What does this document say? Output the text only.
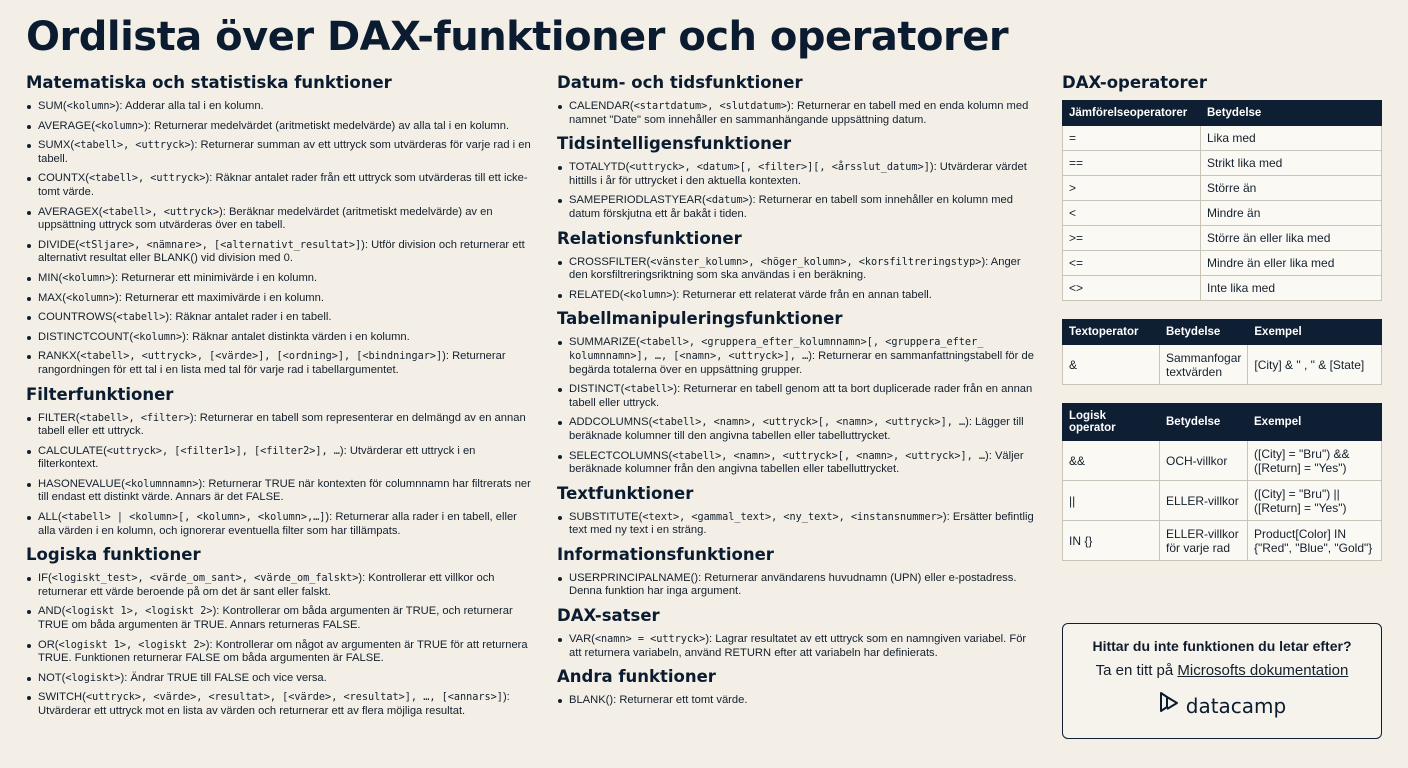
Ordlista över DAX-funktioner och operatorer
Matematiska och statistiska funktioner
SUM(<kolumn>): Adderar alla tal i en kolumn.
AVERAGE(<kolumn>): Returnerar medelvärdet (aritmetiskt medelvärde) av alla tal i en kolumn.
SUMX(<tabell>, <uttryck>): Returnerar summan av ett uttryck som utvärderas för varje rad i en tabell.
COUNTX(<tabell>, <uttryck>): Räknar antalet rader från ett uttryck som utvärderas till ett icke-tomt värde.
AVERAGEX(<tabell>, <uttryck>): Beräknar medelvärdet (aritmetiskt medelvärde) av en uppsättning uttryck som utvärderas över en tabell.
DIVIDE(<tSljare>, <nämnare>, [<alternativt_resultat>]): Utför division och returnerar ett alternativt resultat eller BLANK() vid division med 0.
MIN(<kolumn>): Returnerar ett minimivärde i en kolumn.
MAX(<kolumn>): Returnerar ett maximivärde i en kolumn.
COUNTROWS(<tabell>): Räknar antalet rader i en tabell.
DISTINCTCOUNT(<kolumn>): Räknar antalet distinkta värden i en kolumn.
RANKX(<tabell>, <uttryck>, [<värde>], [<ordning>], [<bindningar>]): Returnerar rangordningen för ett tal i en lista med tal för varje rad i tabellargumentet.
Filterfunktioner
FILTER(<tabell>, <filter>): Returnerar en tabell som representerar en delmängd av en annan tabell eller ett uttryck.
CALCULATE(<uttryck>, [<filter1>], [<filter2>], …): Utvärderar ett uttryck i en filterkontext.
HASONEVALUE(<kolumnnamn>): Returnerar TRUE när kontexten för columnnamn har filtrerats ner till endast ett distinkt värde. Annars är det FALSE.
ALL(<tabell> | <kolumn>[, <kolumn>, <kolumn>,…]): Returnerar alla rader i en tabell, eller alla värden i en kolumn, och ignorerar eventuella filter som har tillämpats.
Logiska funktioner
IF(<logiskt_test>, <värde_om_sant>, <värde_om_falskt>): Kontrollerar ett villkor och returnerar ett värde beroende på om det är sant eller falskt.
AND(<logiskt 1>, <logiskt 2>): Kontrollerar om båda argumenten är TRUE, och returnerar TRUE om båda argumenten är TRUE. Annars returneras FALSE.
OR(<logiskt 1>, <logiskt 2>): Kontrollerar om något av argumenten är TRUE för att returnera TRUE. Funktionen returnerar FALSE om båda argumenten är FALSE.
NOT(<logiskt>): Ändrar TRUE till FALSE och vice versa.
SWITCH(<uttryck>, <värde>, <resultat>, [<värde>, <resultat>], …, [<annars>]): Utvärderar ett uttryck mot en lista av värden och returnerar ett av flera möjliga resultat.
Datum- och tidsfunktioner
CALENDAR(<startdatum>, <slutdatum>): Returnerar en tabell med en enda kolumn med namnet "Date" som innehåller en sammanhängande uppsättning datum.
Tidsintelligensfunktioner
TOTALYTD(<uttryck>, <datum>[, <filter>][, <årsslut_datum>]): Utvärderar värdet hittills i år för uttrycket i den aktuella kontexten.
SAMEPERIODLASTYEAR(<datum>): Returnerar en tabell som innehåller en kolumn med datum förskjutna ett år bakåt i tiden.
Relationsfunktioner
CROSSFILTER(<vänster_kolumn>, <höger_kolumn>, <korsfiltreringstyp>): Anger den korsfiltreringsriktning som ska användas i en beräkning.
RELATED(<kolumn>): Returnerar ett relaterat värde från en annan tabell.
Tabellmanipuleringsfunktioner
SUMMARIZE(<tabell>, <gruppera_efter_kolumnnamn>[, <gruppera_efter_ kolumnnamn>], …, [<namn>, <uttryck>], …): Returnerar en sammanfattningstabell för de begärda totalerna över en uppsättning grupper.
DISTINCT(<tabell>): Returnerar en tabell genom att ta bort duplicerade rader från en annan tabell eller uttryck.
ADDCOLUMNS(<tabell>, <namn>, <uttryck>[, <namn>, <uttryck>], …): Lägger till beräknade kolumner till den angivna tabellen eller tabelluttrycket.
SELECTCOLUMNS(<tabell>, <namn>, <uttryck>[, <namn>, <uttryck>], …): Väljer beräknade kolumner från den angivna tabellen eller tabelluttrycket.
Textfunktioner
SUBSTITUTE(<text>, <gammal_text>, <ny_text>, <instansnummer>): Ersätter befintlig text med ny text i en sträng.
Informationsfunktioner
USERPRINCIPALNAME(): Returnerar användarens huvudnamn (UPN) eller e-postadress. Denna funktion har inga argument.
DAX-satser
VAR(<namn> = <uttryck>): Lagrar resultatet av ett uttryck som en namngiven variabel. För att returnera variabeln, använd RETURN efter att variabeln har definierats.
Andra funktioner
BLANK(): Returnerar ett tomt värde.
DAX-operatorer
Jämförelseoperatorer	Betydelse
=	Lika med
==	Strikt lika med
>	Större än
<	Mindre än
>=	Större än eller lika med
<=	Mindre än eller lika med
<>	Inte lika med
Textoperator	Betydelse	Exempel
&	Sammanfogar textvärden	[City] & " , " & [State]
Logisk operator	Betydelse	Exempel
&&	OCH-villkor	([City] = "Bru") && ([Return] = "Yes")
||	ELLER-villkor	([City] = "Bru") || ([Return] = "Yes")
IN {}	ELLER-villkor för varje rad	Product[Color] IN {"Red", "Blue", "Gold"}
Hittar du inte funktionen du letar efter?
Ta en titt på Microsofts dokumentation
datacamp
